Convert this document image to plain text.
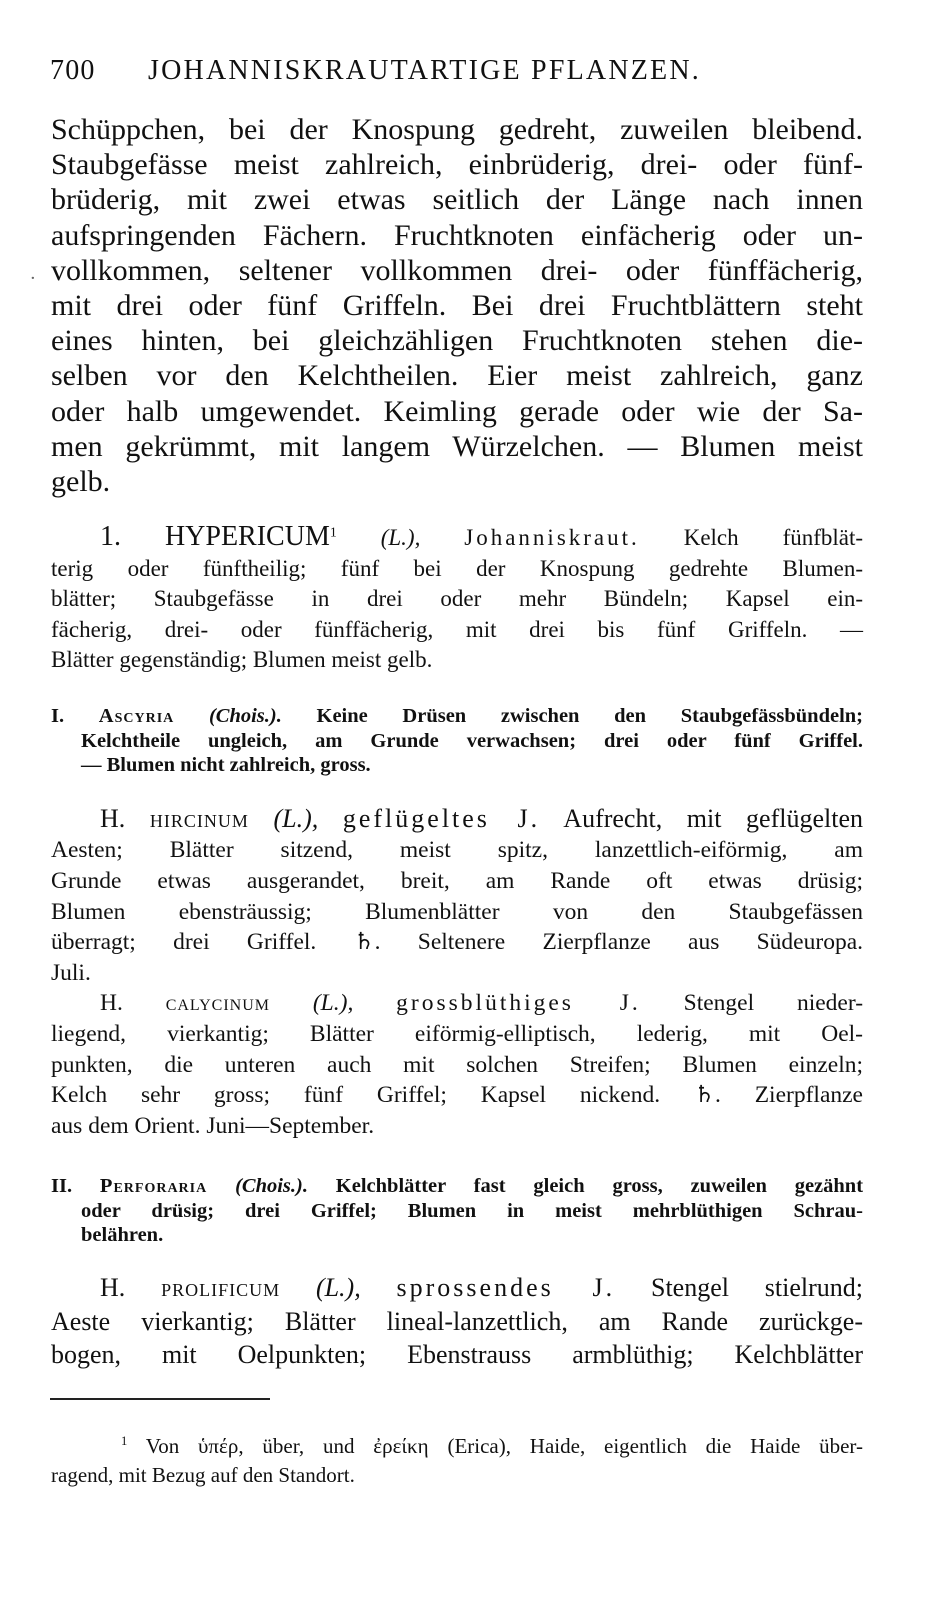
700 JOHANNISKRAUTARTIGE PFLANZEN.
Schüppchen, bei der Knospung gedreht, zuweilen bleibend.
Staubgefässe meist zahlreich, einbrüderig, drei- oder fünf-
brüderig, mit zwei etwas seitlich der Länge nach innen
aufspringenden Fächern. Fruchtknoten einfächerig oder un-
vollkommen, seltener vollkommen drei- oder fünffächerig,
mit drei oder fünf Griffeln. Bei drei Fruchtblättern steht
eines hinten, bei gleichzähligen Fruchtknoten stehen die-
selben vor den Kelchtheilen. Eier meist zahlreich, ganz
oder halb umgewendet. Keimling gerade oder wie der Sa-
men gekrümmt, mit langem Würzelchen. — Blumen meist
gelb.
·
1. HYPERICUM$^1$ (L.), Johanniskraut. Kelch fünfblät-
terig oder fünftheilig; fünf bei der Knospung gedrehte Blumen-
blätter; Staubgefässe in drei oder mehr Bündeln; Kapsel ein-
fächerig, drei- oder fünffächerig, mit drei bis fünf Griffeln. —
Blätter gegenständig; Blumen meist gelb.
I. Ascyria (Chois.). Keine Drüsen zwischen den Staubgefässbündeln;
Kelchtheile ungleich, am Grunde verwachsen; drei oder fünf Griffel.
— Blumen nicht zahlreich, gross.
H. hircinum (L.), geflügeltes J. Aufrecht, mit geflügelten
Aesten; Blätter sitzend, meist spitz, lanzettlich-eiförmig, am
Grunde etwas ausgerandet, breit, am Rande oft etwas drüsig;
Blumen ebensträussig; Blumenblätter von den Staubgefässen
überragt; drei Griffel. ♄. Seltenere Zierpflanze aus Südeuropa.
Juli.
H. calycinum (L.), grossblüthiges J. Stengel nieder-
liegend, vierkantig; Blätter eiförmig-elliptisch, lederig, mit Oel-
punkten, die unteren auch mit solchen Streifen; Blumen einzeln;
Kelch sehr gross; fünf Griffel; Kapsel nickend. ♄. Zierpflanze
aus dem Orient. Juni—September.
II. Perforaria (Chois.). Kelchblätter fast gleich gross, zuweilen gezähnt
oder drüsig; drei Griffel; Blumen in meist mehrblüthigen Schrau-
belähren.
H. prolificum (L.), sprossendes J. Stengel stielrund;
Aeste vierkantig; Blätter lineal-lanzettlich, am Rande zurückge-
bogen, mit Oelpunkten; Ebenstrauss armblüthig; Kelchblätter
$^1$ Von ὑπέρ, über, und ἐρείκη (Erica), Haide, eigentlich die Haide über-
ragend, mit Bezug auf den Standort.
